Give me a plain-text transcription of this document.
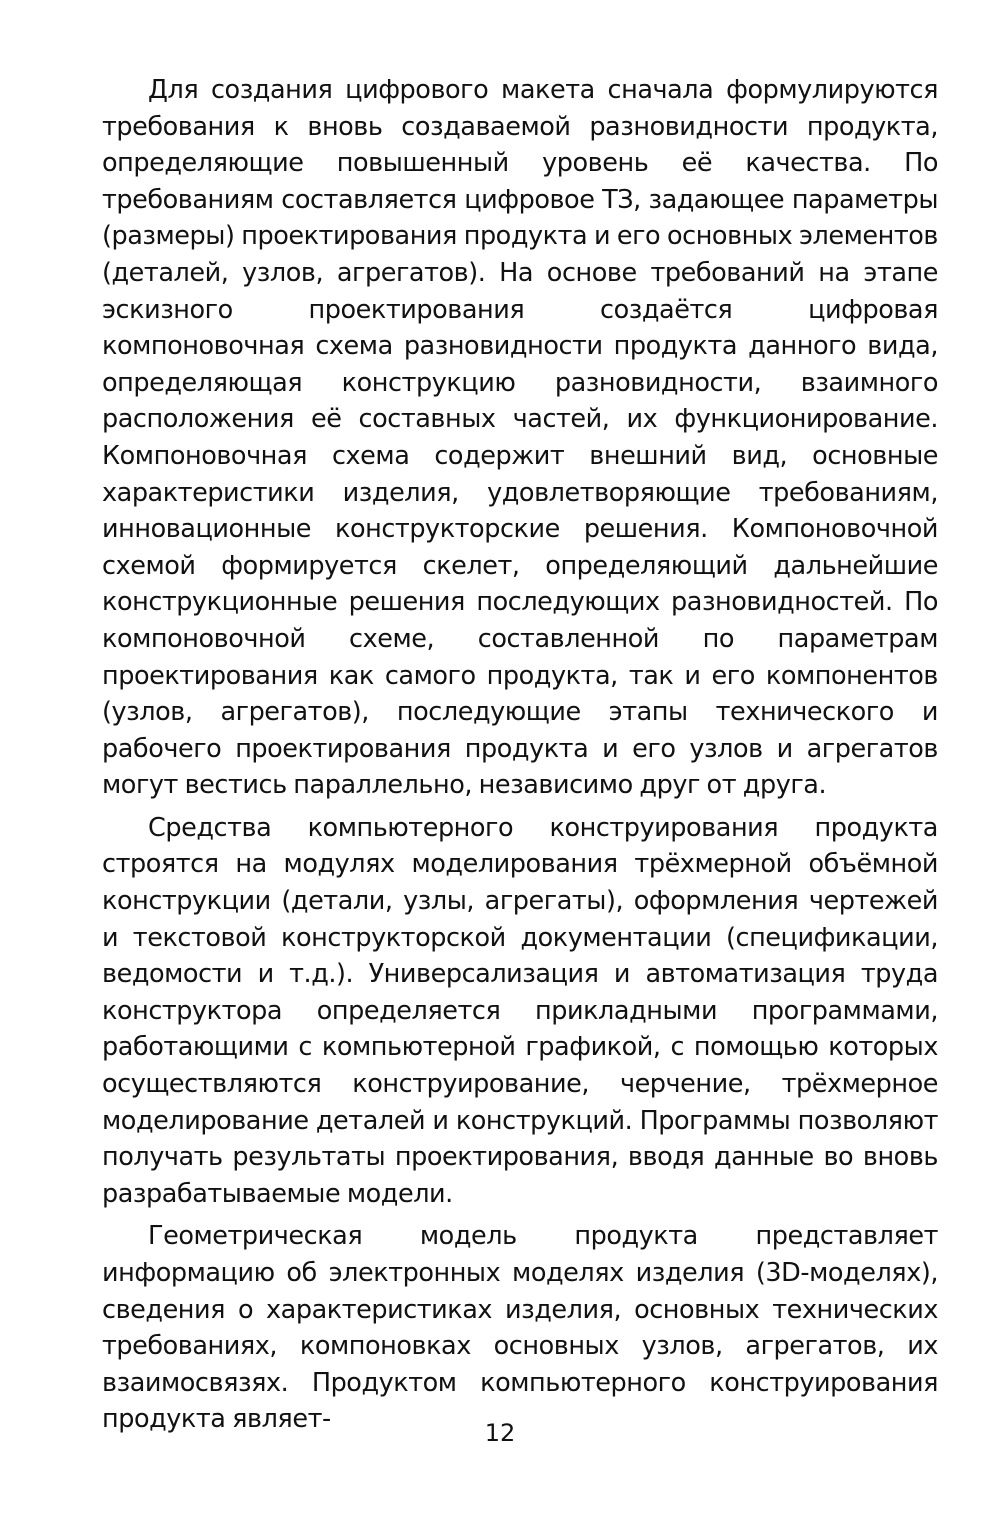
Для создания цифрового макета сначала формулируются требования к вновь создаваемой разновидности продукта, определяющие повышенный уровень её качества. По требованиям составляется цифровое ТЗ, задающее параметры (размеры) проектирования продукта и его основных элементов (деталей, узлов, агрегатов). На основе требований на этапе эскизного проектирования создаётся цифровая компоновочная схема разновидности продукта данного вида, определяющая конструкцию разновидности, взаимного расположения её составных частей, их функционирование. Компоновочная схема содержит внешний вид, основные характеристики изделия, удовлетворяющие требованиям, инновационные конструкторские решения. Компоновочной схемой формируется скелет, определяющий дальнейшие конструкционные решения последующих разновидностей. По компоновочной схеме, составленной по параметрам проектирования как самого продукта, так и его компонентов (узлов, агрегатов), последующие этапы технического и рабочего проектирования продукта и его узлов и агрегатов могут вестись параллельно, независимо друг от друга.

Средства компьютерного конструирования продукта строятся на модулях моделирования трёхмерной объёмной конструкции (детали, узлы, агрегаты), оформления чертежей и текстовой конструкторской документации (спецификации, ведомости и т.д.). Универсализация и автоматизация труда конструктора определяется прикладными программами, работающими с компьютерной графикой, с помощью которых осуществляются конструирование, черчение, трёхмерное моделирование деталей и конструкций. Программы позволяют получать результаты проектирования, вводя данные во вновь разрабатываемые модели.

Геометрическая модель продукта представляет информацию об электронных моделях изделия (3D-моделях), сведения о характеристиках изделия, основных технических требованиях, компоновках основных узлов, агрегатов, их взаимосвязях. Продуктом компьютерного конструирования продукта являет-	12
